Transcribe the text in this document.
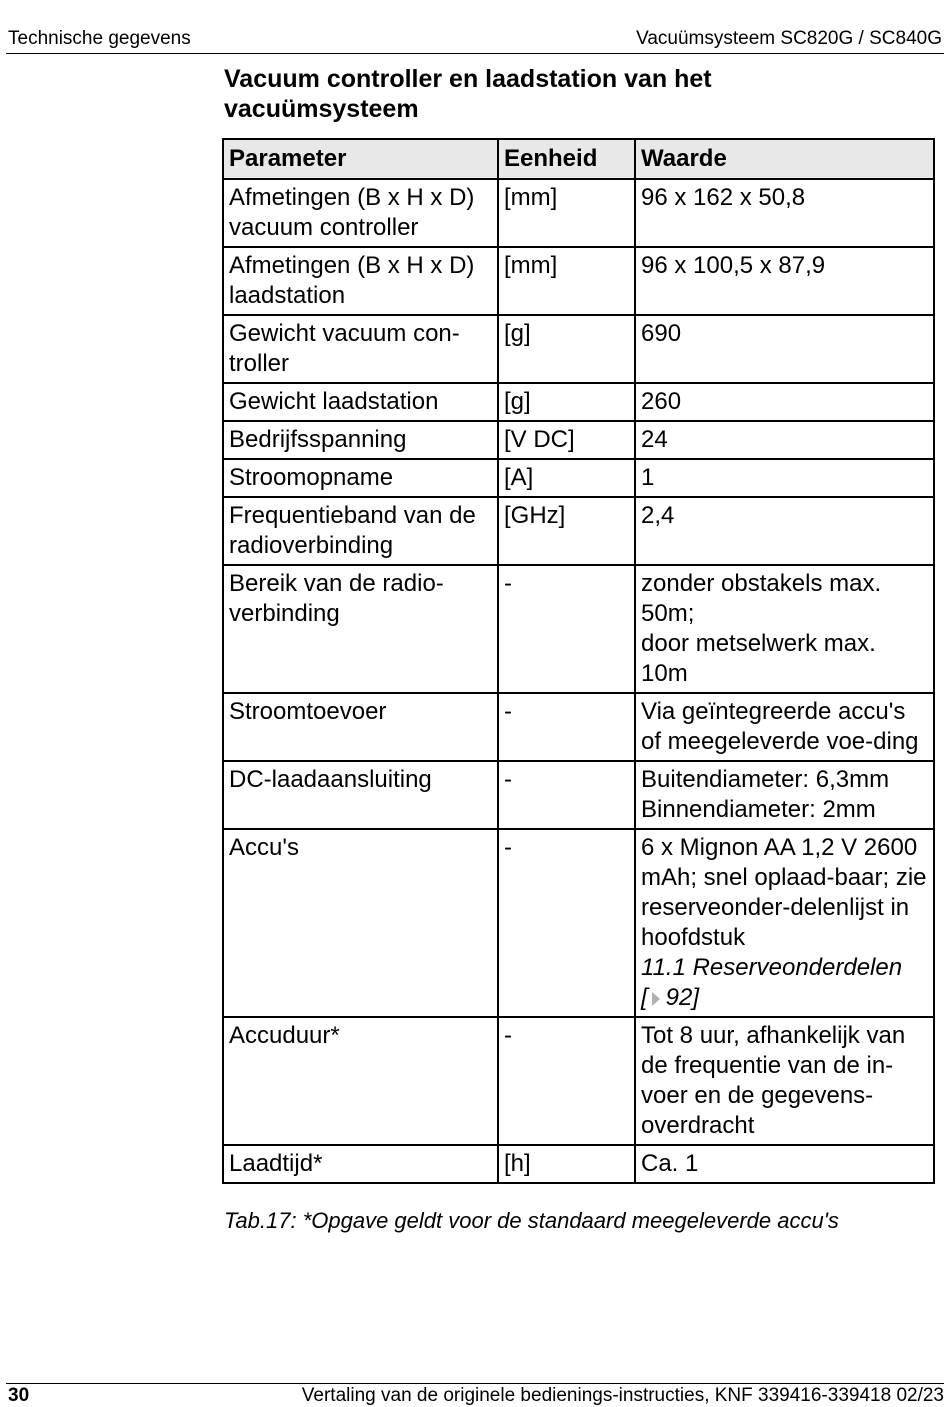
Technische gegevens	Vacuümsysteem SC820G / SC840G
Vacuum controller en laadstation van het vacuümsysteem
Parameter	Eenheid	Waarde
Afmetingen (B x H x D) vacuum controller	[mm]	96 x 162 x 50,8
Afmetingen (B x H x D) laadstation	[mm]	96 x 100,5 x 87,9
Gewicht vacuum con-troller	[g]	690
Gewicht laadstation	[g]	260
Bedrijfsspanning	[V DC]	24
Stroomopname	[A]	1
Frequentieband van de radioverbinding	[GHz]	2,4
Bereik van de radio-verbinding	-	zonder obstakels max. 50m;
door metselwerk max. 10m

Stroomtoevoer	-	Via geïntegreerde accu's of meegeleverde voe-ding
DC-laadaansluiting	-	Buitendiameter: 6,3mm
Binnendiameter: 2mm

Accu's	-	6 x Mignon AA 1,2 V 2600 mAh; snel oplaad-baar; zie reserveonder-delenlijst in hoofdstuk
11.1 Reserveonderdelen
[ 92]

Accuduur*	-	Tot 8 uur, afhankelijk van de frequentie van de in-voer en de gegevens-overdracht
Laadtijd*	[h]	Ca. 1
Tab.17: *Opgave geldt voor de standaard meegeleverde accu's
30	Vertaling van de originele bedienings-instructies, KNF 339416-339418 02/23
